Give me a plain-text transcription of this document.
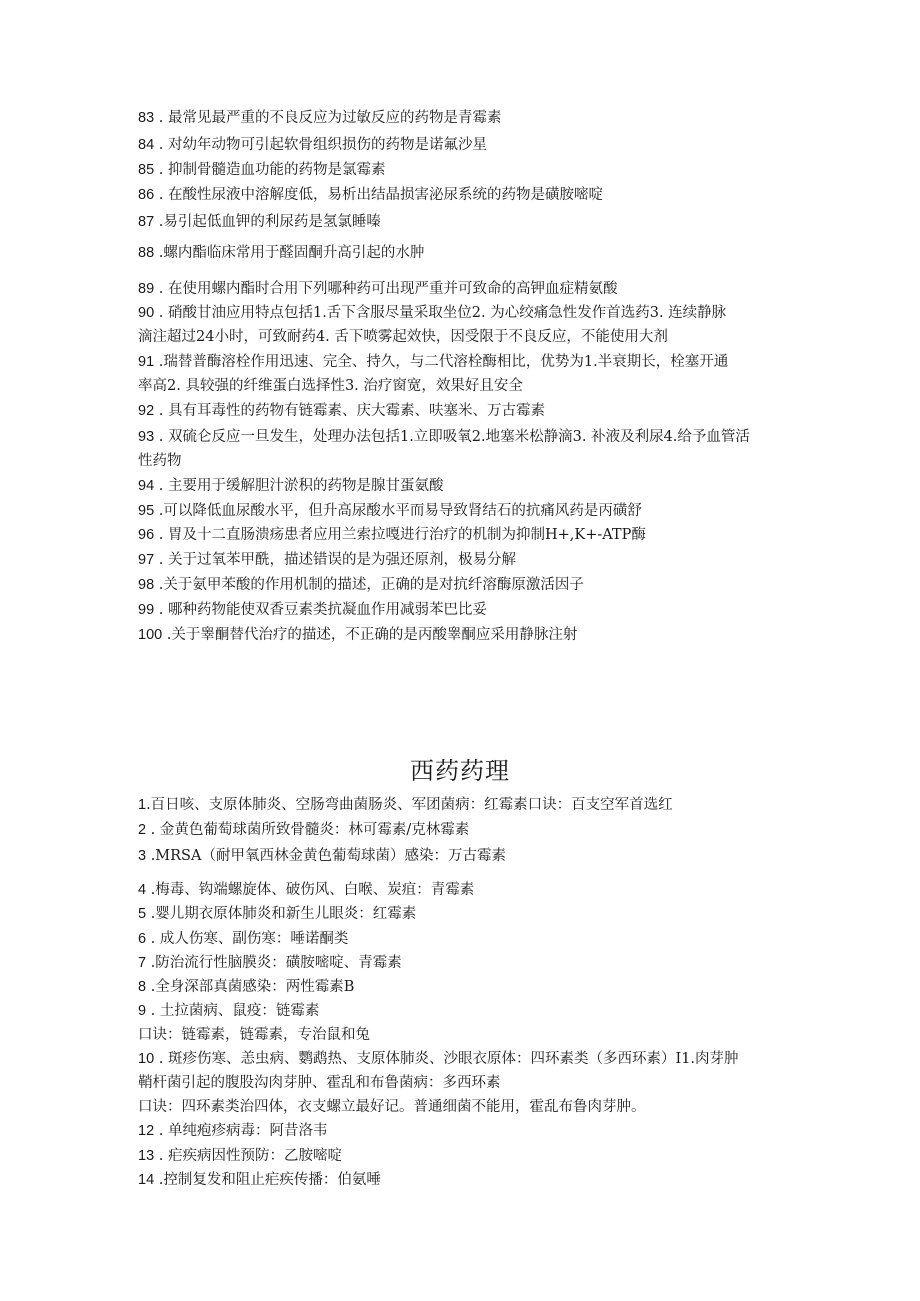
83 . 最常见最严重的不良反应为过敏反应的药物是青霉素
84 . 对幼年动物可引起软骨组织损伤的药物是诺氟沙星
85 . 抑制骨髓造血功能的药物是氯霉素
86 . 在酸性尿液中溶解度低，易析出结晶损害泌尿系统的药物是磺胺嘧啶
87 .易引起低血钾的利尿药是氢氯睡嗪
88 .螺内酯临床常用于醛固酮升高引起的水肿
89 . 在使用螺内酯时合用下列哪种药可出现严重并可致命的高钾血症精氨酸
90 . 硝酸甘油应用特点包括1.舌下含服尽量采取坐位2. 为心绞痛急性发作首选药3. 连续静脉
滴注超过24小时，可致耐药4. 舌下喷雾起效快，因受限于不良反应，不能使用大剂
91 .瑞替普酶溶栓作用迅速、完全、持久，与二代溶栓酶相比，优势为1.半衰期长，栓塞开通
率高2. 具较强的纤维蛋白选择性3. 治疗窗宽，效果好且安全
92 . 具有耳毒性的药物有链霉素、庆大霉素、呋塞米、万古霉素
93 . 双硫仑反应一旦发生，处理办法包括1.立即吸氧2.地塞米松静滴3. 补液及利尿4.给予血管活
性药物
94 . 主要用于缓解胆汁淤积的药物是腺甘蛋氨酸
95 .可以降低血尿酸水平，但升高尿酸水平而易导致肾结石的抗痛风药是丙磺舒
96 . 胃及十二直肠溃疡患者应用兰索拉嘎进行治疗的机制为抑制H+,K+-ATP酶
97 . 关于过氧苯甲酰，描述错误的是为强还原剂，极易分解
98 .关于氨甲苯酸的作用机制的描述，正确的是对抗纤溶酶原激活因子
99 . 哪种药物能使双香豆素类抗凝血作用减弱苯巴比妥
100 .关于睾酮替代治疗的描述，不正确的是丙酸睾酮应采用静脉注射
西药药理
1.百日咳、支原体肺炎、空肠弯曲菌肠炎、军团菌病：红霉素口诀：百支空军首选红
2 . 金黄色葡萄球菌所致骨髓炎：林可霉素/克林霉素
3 .MRSA（耐甲氧西林金黄色葡萄球菌）感染：万古霉素
4 .梅毒、钩端螺旋体、破伤风、白喉、炭疽：青霉素
5 .婴儿期衣原体肺炎和新生儿眼炎：红霉素
6 . 成人伤寒、副伤寒：唾诺酮类
7 .防治流行性脑膜炎：磺胺嘧啶、青霉素
8 .全身深部真菌感染：两性霉素B
9 . 土拉菌病、鼠疫：链霉素
口诀：链霉素，链霉素，专治鼠和兔
10 . 斑疹伤寒、恙虫病、鹦鹉热、支原体肺炎、沙眼衣原体：四环素类（多西环素）I1.肉芽肿
鞘杆菌引起的腹股沟肉芽肿、霍乱和布鲁菌病：多西环素
口诀：四环素类治四体，衣支螺立最好记。普通细菌不能用，霍乱布鲁肉芽肿。
12 . 单纯疱疹病毒：阿昔洛韦
13 . 疟疾病因性预防：乙胺嘧啶
14 .控制复发和阻止疟疾传播：伯氨唾
